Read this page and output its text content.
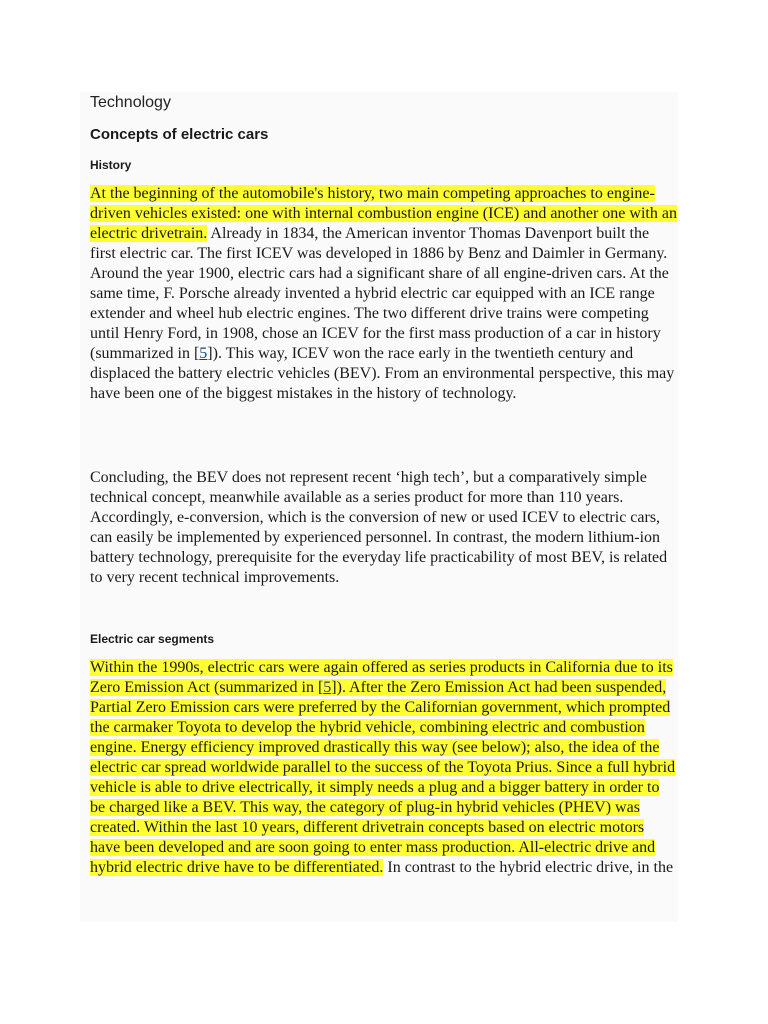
Technology
Concepts of electric cars
History

At the beginning of the automobile's history, two main competing approaches to engine-driven vehicles existed: one with internal combustion engine (ICE) and another one with an electric drivetrain. Already in 1834, the American inventor Thomas Davenport built the first electric car. The first ICEV was developed in 1886 by Benz and Daimler in Germany. Around the year 1900, electric cars had a significant share of all engine-driven cars. At the same time, F. Porsche already invented a hybrid electric car equipped with an ICE range extender and wheel hub electric engines. The two different drive trains were competing until Henry Ford, in 1908, chose an ICEV for the first mass production of a car in history (summarized in [5]). This way, ICEV won the race early in the twentieth century and displaced the battery electric vehicles (BEV). From an environmental perspective, this may have been one of the biggest mistakes in the history of technology.

Concluding, the BEV does not represent recent ‘high tech’, but a comparatively simple technical concept, meanwhile available as a series product for more than 110 years. Accordingly, e-conversion, which is the conversion of new or used ICEV to electric cars, can easily be implemented by experienced personnel. In contrast, the modern lithium-ion battery technology, prerequisite for the everyday life practicability of most BEV, is related to very recent technical improvements.

Electric car segments

Within the 1990s, electric cars were again offered as series products in California due to its Zero Emission Act (summarized in [5]). After the Zero Emission Act had been suspended, Partial Zero Emission cars were preferred by the Californian government, which prompted the carmaker Toyota to develop the hybrid vehicle, combining electric and combustion engine. Energy efficiency improved drastically this way (see below); also, the idea of the electric car spread worldwide parallel to the success of the Toyota Prius. Since a full hybrid vehicle is able to drive electrically, it simply needs a plug and a bigger battery in order to be charged like a BEV. This way, the category of plug-in hybrid vehicles (PHEV) was created. Within the last 10 years, different drivetrain concepts based on electric motors have been developed and are soon going to enter mass production. All-electric drive and hybrid electric drive have to be differentiated. In contrast to the hybrid electric drive, in the
